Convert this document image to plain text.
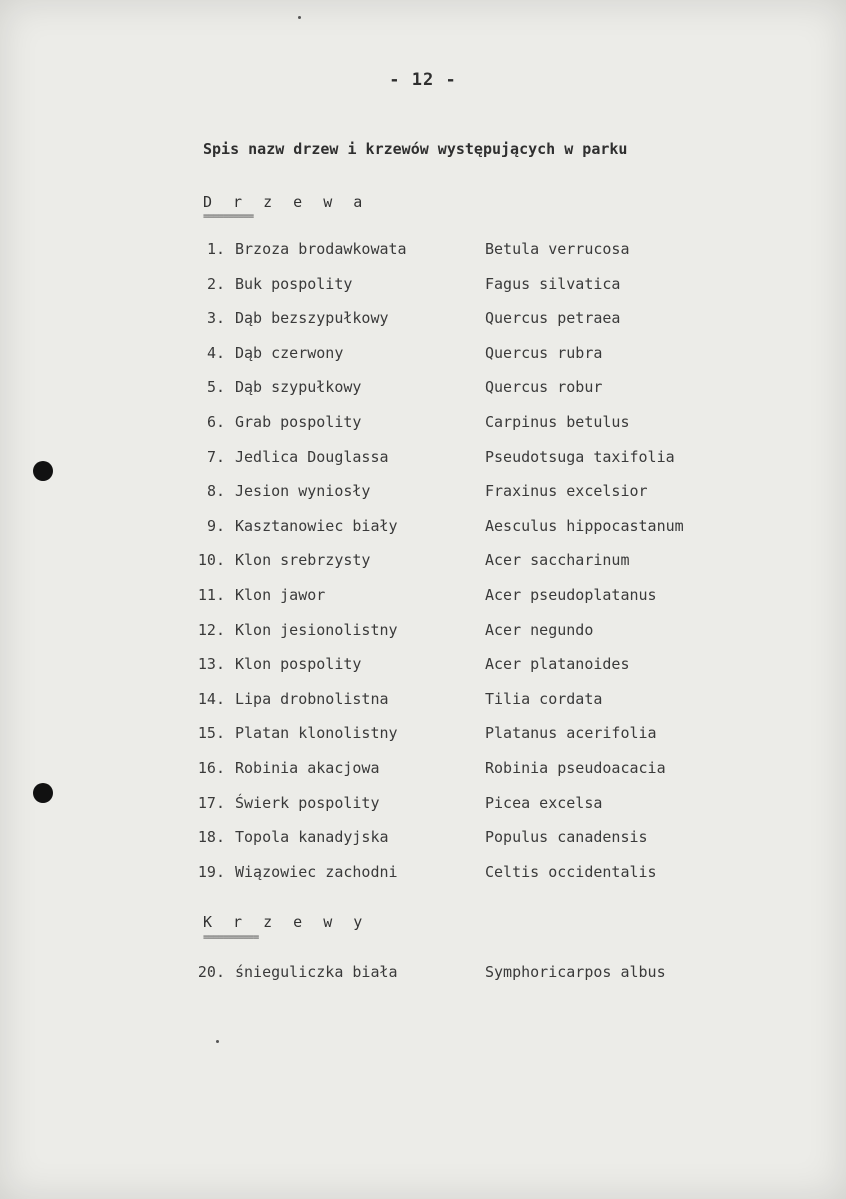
- 12 -
Spis nazw drzew i krzewów występujących w parku
D r z e w a
==========
1. Brzoza brodawkowata	Betula verrucosa
2. Buk pospolity	Fagus silvatica
3. Dąb bezszypułkowy	Quercus petraea
4. Dąb czerwony	Quercus rubra
5. Dąb szypułkowy	Quercus robur
6. Grab pospolity	Carpinus betulus
7. Jedlica Douglassa	Pseudotsuga taxifolia
8. Jesion wyniosły	Fraxinus excelsior
9. Kasztanowiec biały	Aesculus hippocastanum
10. Klon srebrzysty	Acer saccharinum
11. Klon jawor	Acer pseudoplatanus
12. Klon jesionolistny	Acer negundo
13. Klon pospolity	Acer platanoides
14. Lipa drobnolistna	Tilia cordata
15. Platan klonolistny	Platanus acerifolia
16. Robinia akacjowa	Robinia pseudoacacia
17. Świerk pospolity	Picea excelsa
18. Topola kanadyjska	Populus canadensis
19. Wiązowiec zachodni	Celtis occidentalis
K r z e w y
===========
20. śnieguliczka biała	Symphoricarpos albus
